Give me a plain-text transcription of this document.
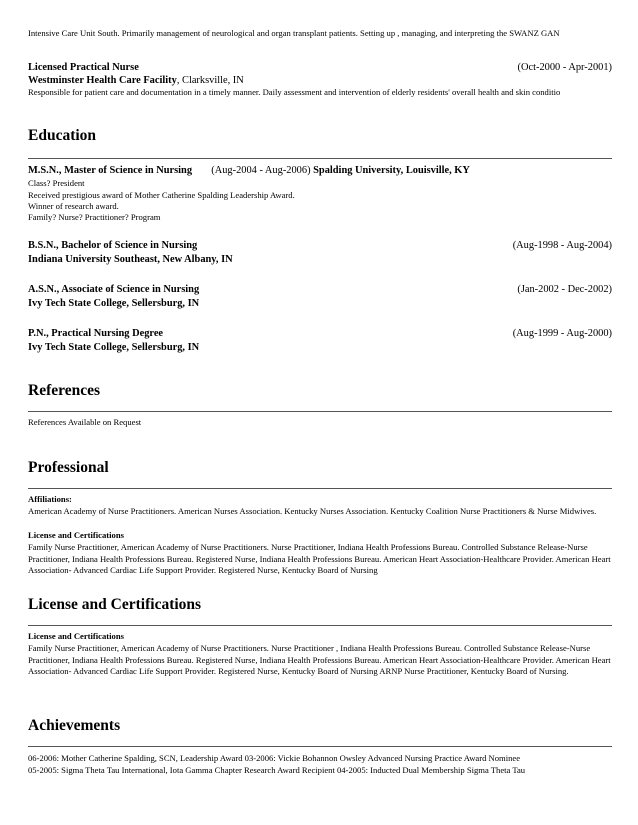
Intensive Care Unit South. Primarily management of neurological and organ transplant patients. Setting up , managing, and interpreting the SWANZ GAN
Licensed Practical Nurse	(Oct-2000 - Apr-2001)
Westminster Health Care Facility, Clarksville, IN
Responsible for patient care and documentation in a timely manner. Daily assessment and intervention of elderly residents' overall health and skin conditio
Education
M.S.N., Master of Science in Nursing (Aug-2004 - Aug-2006) Spalding University, Louisville, KY
Class? President
Received prestigious award of Mother Catherine Spalding Leadership Award.
Winner of research award.
Family? Nurse? Practitioner? Program
B.S.N., Bachelor of Science in Nursing	(Aug-1998 - Aug-2004)
Indiana University Southeast, New Albany, IN
A.S.N., Associate of Science in Nursing	(Jan-2002 - Dec-2002)
Ivy Tech State College, Sellersburg, IN
P.N., Practical Nursing Degree	(Aug-1999 - Aug-2000)
Ivy Tech State College, Sellersburg, IN
References
References Available on Request
Professional
Affiliations:
American Academy of Nurse Practitioners. American Nurses Association. Kentucky Nurses Association. Kentucky Coalition Nurse Practitioners & Nurse Midwives.
License and Certifications
Family Nurse Practitioner, American Academy of Nurse Practitioners. Nurse Practitioner, Indiana Health Professions Bureau. Controlled Substance Release-Nurse Practitioner, Indiana Health Professions Bureau. Registered Nurse, Indiana Health Professions Bureau. American Heart Association-Healthcare Provider. American Heart Association- Advanced Cardiac Life Support Provider. Registered Nurse, Kentucky Board of Nursing
License and Certifications
License and Certifications
Family Nurse Practitioner, American Academy of Nurse Practitioners. Nurse Practitioner , Indiana Health Professions Bureau. Controlled Substance Release-Nurse Practitioner, Indiana Health Professions Bureau. Registered Nurse, Indiana Health Professions Bureau. American Heart Association-Healthcare Provider. American Heart Association- Advanced Cardiac Life Support Provider. Registered Nurse, Kentucky Board of Nursing ARNP Nurse Practitioner, Kentucky Board of Nursing.
Achievements
06-2006: Mother Catherine Spalding, SCN, Leadership Award 03-2006: Vickie Bohannon Owsley Advanced Nursing Practice Award Nominee
05-2005: Sigma Theta Tau International, Iota Gamma Chapter Research Award Recipient 04-2005: Inducted Dual Membership Sigma Theta Tau
